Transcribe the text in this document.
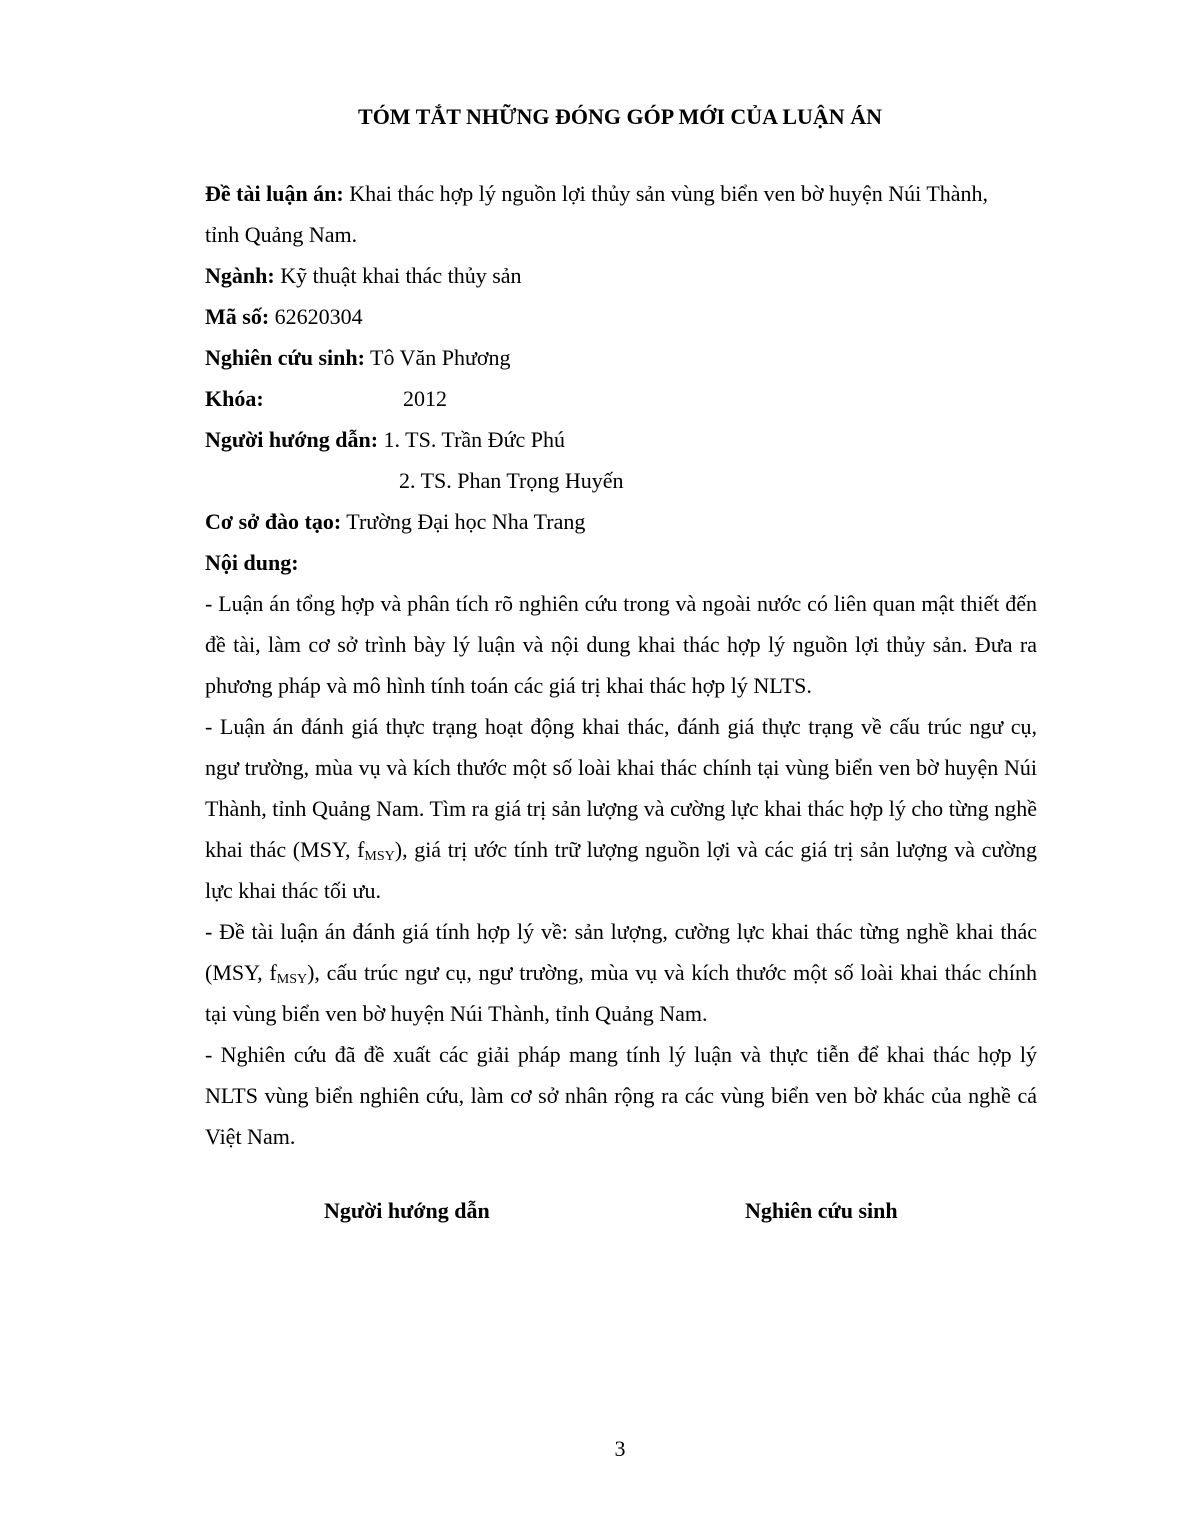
TÓM TẮT NHỮNG ĐÓNG GÓP MỚI CỦA LUẬN ÁN
Đề tài luận án: Khai thác hợp lý nguồn lợi thủy sản vùng biển ven bờ huyện Núi Thành,
tỉnh Quảng Nam.
Ngành: Kỹ thuật khai thác thủy sản
Mã số: 62620304
Nghiên cứu sinh: Tô Văn Phương
Khóa:	2012
Người hướng dẫn: 1. TS. Trần Đức Phú
2. TS. Phan Trọng Huyến
Cơ sở đào tạo: Trường Đại học Nha Trang
Nội dung:

- Luận án tổng hợp và phân tích rõ nghiên cứu trong và ngoài nước có liên quan mật thiết đến đề tài, làm cơ sở trình bày lý luận và nội dung khai thác hợp lý nguồn lợi thủy sản. Đưa ra phương pháp và mô hình tính toán các giá trị khai thác hợp lý NLTS.

- Luận án đánh giá thực trạng hoạt động khai thác, đánh giá thực trạng về cấu trúc ngư cụ, ngư trường, mùa vụ và kích thước một số loài khai thác chính tại vùng biển ven bờ huyện Núi Thành, tỉnh Quảng Nam. Tìm ra giá trị sản lượng và cường lực khai thác hợp lý cho từng nghề khai thác (MSY, $f_{MSY}$), giá trị ước tính trữ lượng nguồn lợi và các giá trị sản lượng và cường lực khai thác tối ưu.

- Đề tài luận án đánh giá tính hợp lý về: sản lượng, cường lực khai thác từng nghề khai thác (MSY, $f_{MSY}$), cấu trúc ngư cụ, ngư trường, mùa vụ và kích thước một số loài khai thác chính tại vùng biển ven bờ huyện Núi Thành, tỉnh Quảng Nam.

- Nghiên cứu đã đề xuất các giải pháp mang tính lý luận và thực tiễn để khai thác hợp lý NLTS vùng biển nghiên cứu, làm cơ sở nhân rộng ra các vùng biển ven bờ khác của nghề cá Việt Nam.

Người hướng dẫn	Nghiên cứu sinh
3
